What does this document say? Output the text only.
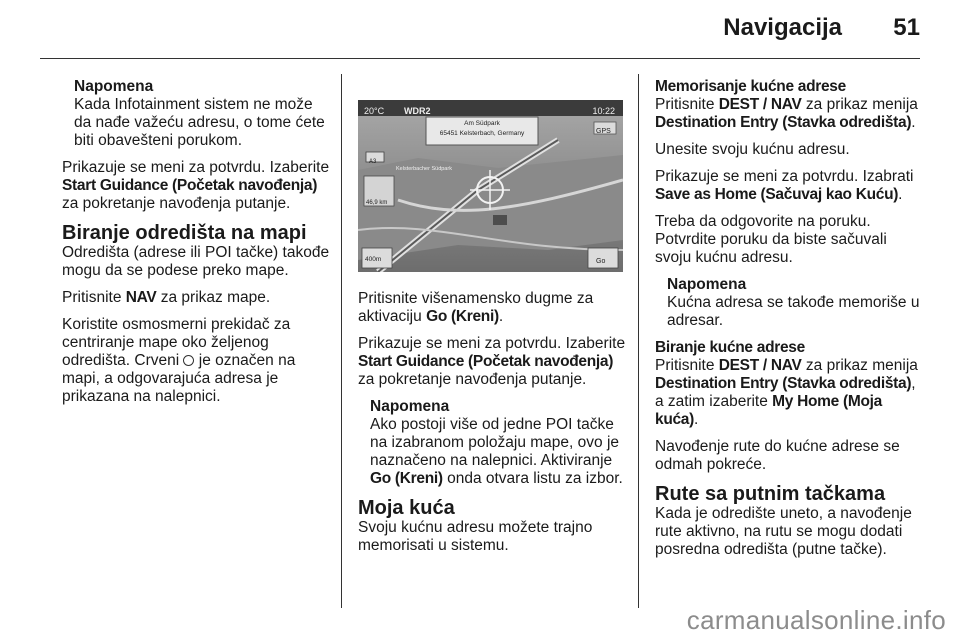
Navigacija 51
Napomena
Kada Infotainment sistem ne može da nađe važeću adresu, o tome ćete biti obavešteni porukom.

Prikazuje se meni za potvrdu. Izaberite Start Guidance (Početak navođenja) za pokretanje navođenja putanje.

Biranje odredišta na mapi

Odredišta (adrese ili POI tačke) takođe mogu da se podese preko mape.

Pritisnite NAV za prikaz mape.

Koristite osmosmerni prekidač za centriranje mape oko željenog odredišta. Crveni  je označen na mapi, a odgovarajuća adresa je prikazana na nalepnici.

20°C WDR2	10:22
Am Südpark
65451 Kelsterbach, Germany	GPS
A3
Kelsterbacher Südpark
46,9 km
400m	Go

Pritisnite višenamensko dugme za aktivaciju Go (Kreni).

Prikazuje se meni za potvrdu. Izaberite Start Guidance (Početak navođenja) za pokretanje navođenja putanje.

Napomena
Ako postoji više od jedne POI tačke na izabranom položaju mape, ovo je naznačeno na nalepnici. Aktiviranje Go (Kreni) onda otvara listu za izbor.
Moja kuća

Svoju kućnu adresu možete trajno memorisati u sistemu.

Memorisanje kućne adrese

Pritisnite DEST / NAV za prikaz menija Destination Entry (Stavka odredišta).

Unesite svoju kućnu adresu.

Prikazuje se meni za potvrdu. Izabrati Save as Home (Sačuvaj kao Kuću).

Treba da odgovorite na poruku. Potvrdite poruku da biste sačuvali svoju kućnu adresu.

Napomena
Kućna adresa se takođe memoriše u adresar.
Biranje kućne adrese

Pritisnite DEST / NAV za prikaz menija Destination Entry (Stavka odredišta), a zatim izaberite My Home (Moja kuća).

Navođenje rute do kućne adrese se odmah pokreće.

Rute sa putnim tačkama

Kada je odredište uneto, a navođenje rute aktivno, na rutu se mogu dodati posredna odredišta (putne tačke).

carmanualsonline.info
